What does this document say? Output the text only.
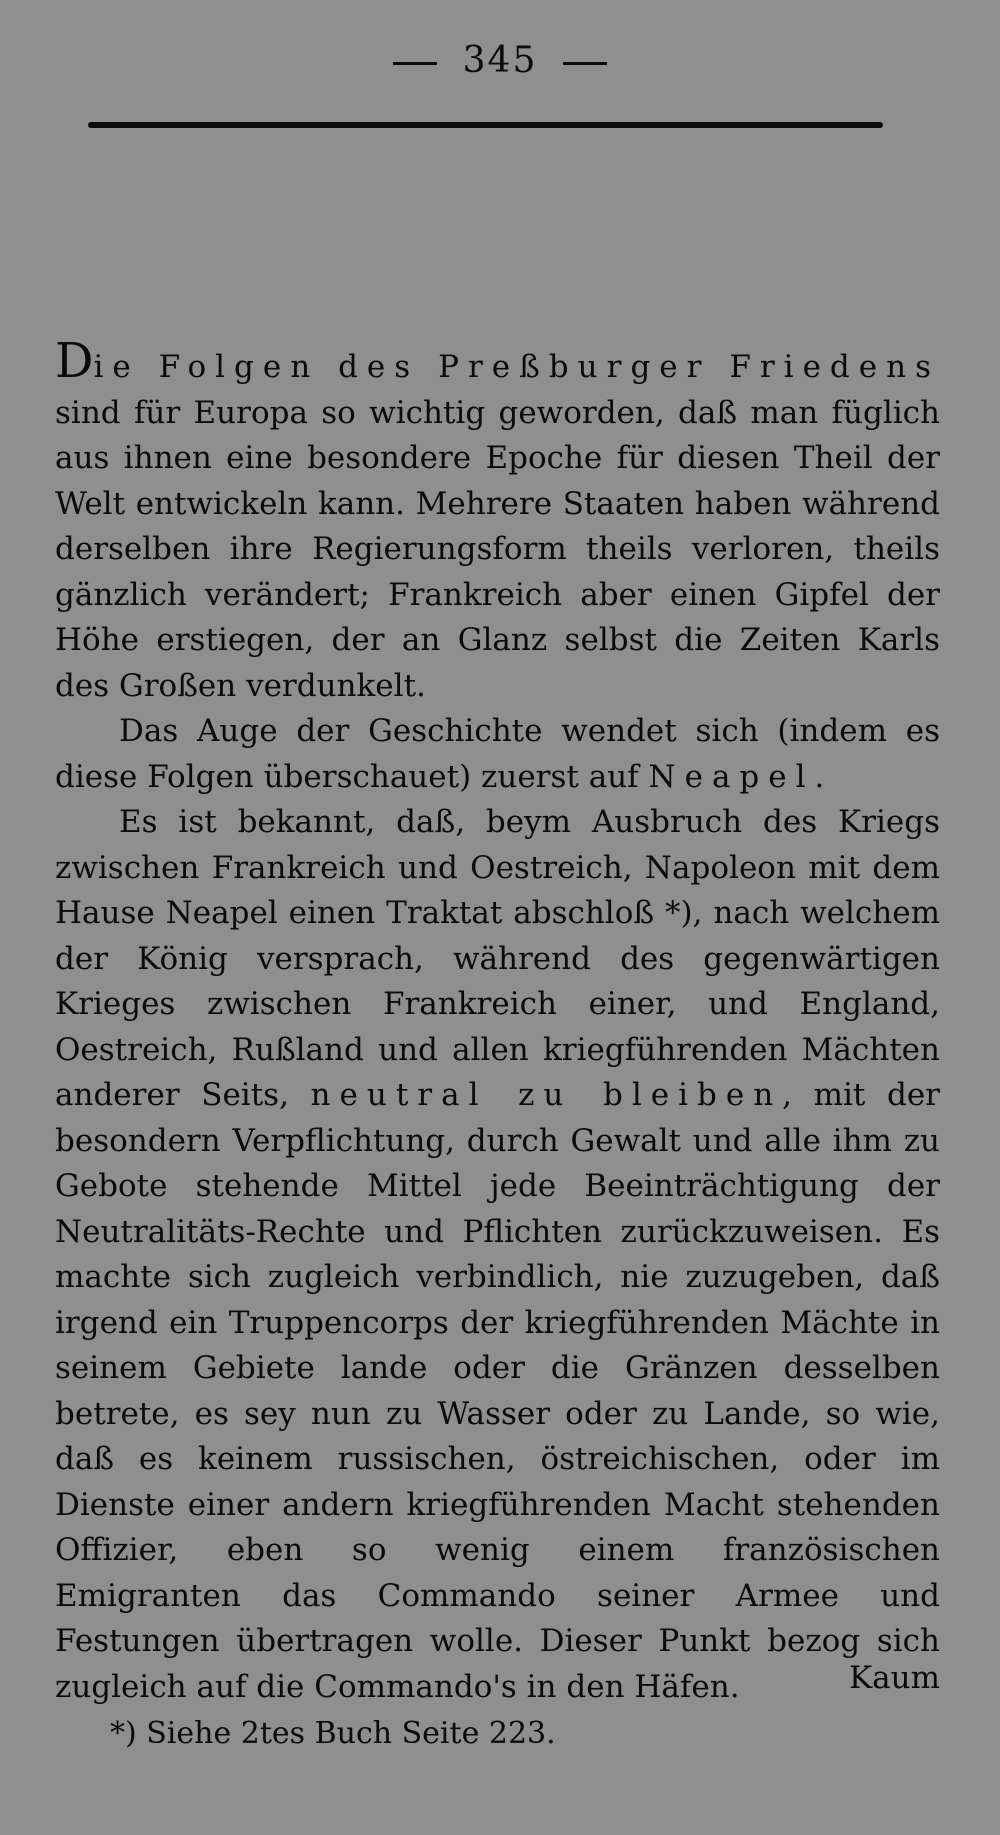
345

Die Folgen des Preßburger Friedens sind für Europa so wichtig geworden, daß man füglich aus ihnen eine besondere Epoche für diesen Theil der Welt entwickeln kann. Mehrere Staaten haben während derselben ihre Regierungsform theils verloren, theils gänzlich verändert; Frankreich aber einen Gipfel der Höhe erstiegen, der an Glanz selbst die Zeiten Karls des Großen verdunkelt.

Das Auge der Geschichte wendet sich (indem es diese Folgen überschauet) zuerst auf Neapel.

Es ist bekannt, daß, beym Ausbruch des Kriegs zwischen Frankreich und Oestreich, Napoleon mit dem Hause Neapel einen Traktat abschloß *), nach welchem der König versprach, während des gegenwärtigen Krieges zwischen Frankreich einer, und England, Oestreich, Rußland und allen kriegführenden Mächten anderer Seits, neutral zu bleiben, mit der besondern Verpflichtung, durch Gewalt und alle ihm zu Gebote stehende Mittel jede Beeinträchtigung der Neutralitäts-Rechte und Pflichten zurückzuweisen. Es machte sich zugleich verbindlich, nie zuzugeben, daß irgend ein Truppencorps der kriegführenden Mächte in seinem Gebiete lande oder die Gränzen desselben betrete, es sey nun zu Wasser oder zu Lande, so wie, daß es keinem russischen, östreichischen, oder im Dienste einer andern kriegführenden Macht stehenden Offizier, eben so wenig einem französischen Emigranten das Commando seiner Armee und Festungen übertragen wolle. Dieser Punkt bezog sich zugleich auf die Commando's in den Häfen.	Kaum
*) Siehe 2tes Buch Seite 223.
